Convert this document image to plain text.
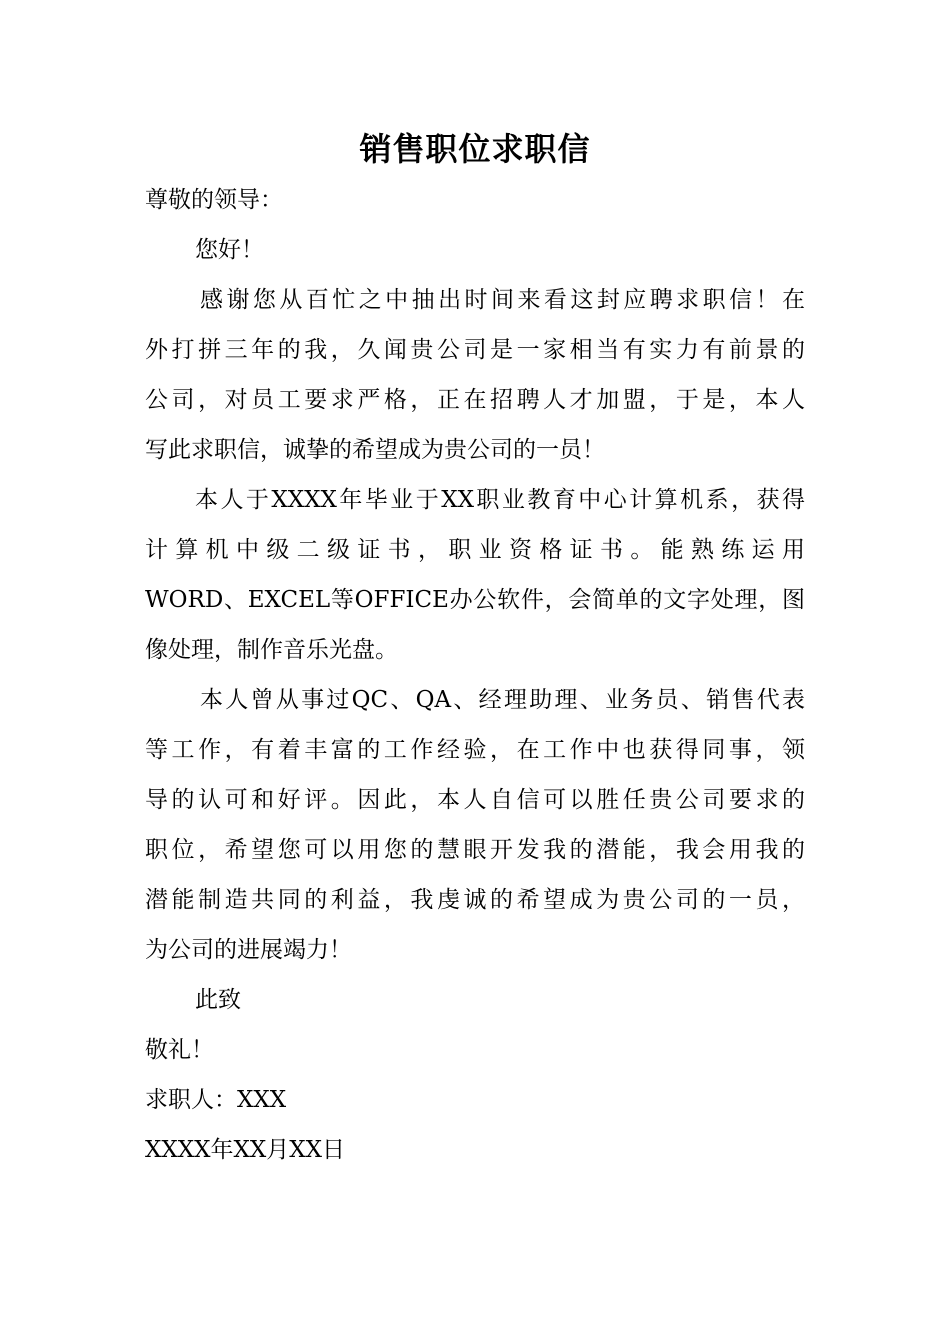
销售职位求职信
尊敬的领导：
您好！
感谢您从百忙之中抽出时间来看这封应聘求职信！在
外打拼三年的我，久闻贵公司是一家相当有实力有前景的
公司，对员工要求严格，正在招聘人才加盟，于是，本人
写此求职信，诚挚的希望成为贵公司的一员！
本人于XXXX年毕业于XX职业教育中心计算机系，获得
计算机中级二级证书，职业资格证书。能熟练运用
WORD、EXCEL等OFFICE办公软件，会简单的文字处理，图
像处理，制作音乐光盘。
本人曾从事过QC、QA、经理助理、业务员、销售代表
等工作，有着丰富的工作经验，在工作中也获得同事，领
导的认可和好评。因此，本人自信可以胜任贵公司要求的
职位，希望您可以用您的慧眼开发我的潜能，我会用我的
潜能制造共同的利益，我虔诚的希望成为贵公司的一员，
为公司的进展竭力！
此致
敬礼！
求职人：XXX
XXXX年XX月XX日
